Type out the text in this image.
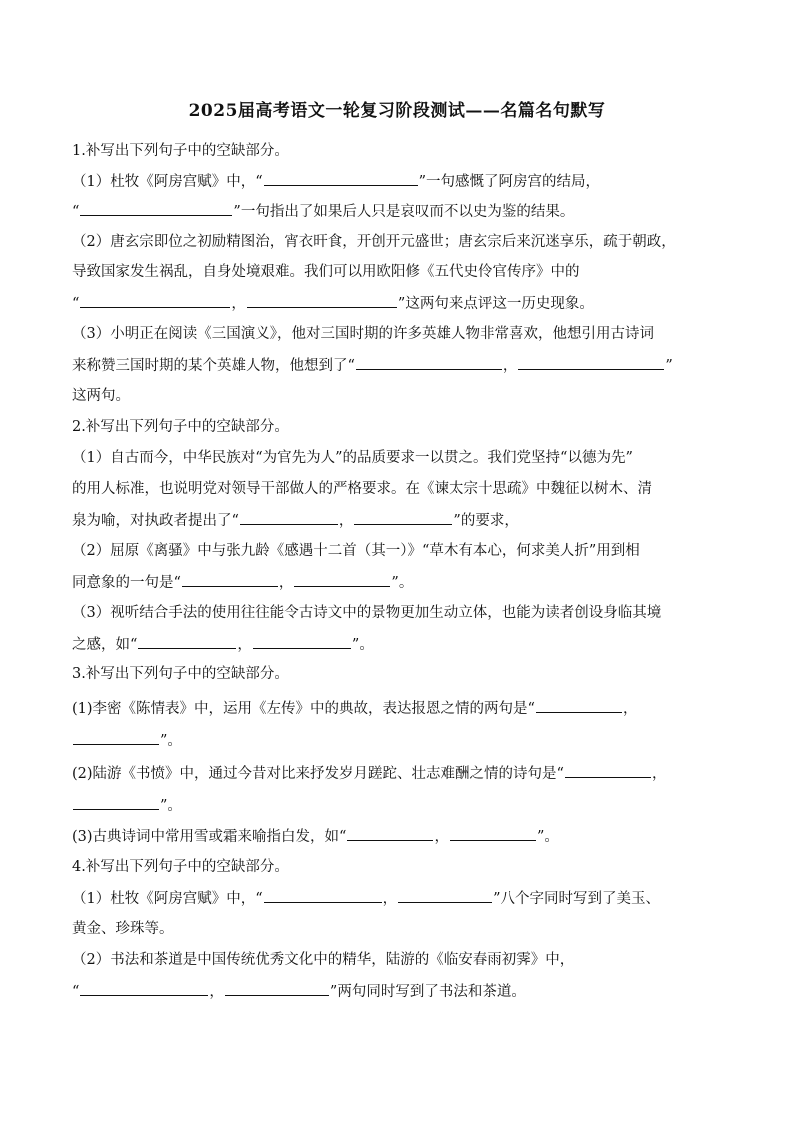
2025届高考语文一轮复习阶段测试——名篇名句默写
1.补写出下列句子中的空缺部分。
（1）杜牧《阿房宫赋》中，“	”一句感慨了阿房宫的结局，
“	”一句指出了如果后人只是哀叹而不以史为鉴的结果。
（2）唐玄宗即位之初励精图治，宵衣旰食，开创开元盛世；唐玄宗后来沉迷享乐，疏于朝政，
导致国家发生祸乱，自身处境艰难。我们可以用欧阳修《五代史伶官传序》中的
“	，	”这两句来点评这一历史现象。
（3）小明正在阅读《三国演义》，他对三国时期的许多英雄人物非常喜欢，他想引用古诗词
来称赞三国时期的某个英雄人物，他想到了“	，	”
这两句。
2.补写出下列句子中的空缺部分。
（1）自古而今，中华民族对“为官先为人”的品质要求一以贯之。我们党坚持“以德为先”
的用人标准，也说明党对领导干部做人的严格要求。在《谏太宗十思疏》中魏征以树木、清
泉为喻，对执政者提出了“	，	”的要求，
（2）屈原《离骚》中与张九龄《感遇十二首（其一）》“草木有本心，何求美人折”用到相
同意象的一句是“	，	”。
（3）视听结合手法的使用往往能令古诗文中的景物更加生动立体，也能为读者创设身临其境
之感，如“	，	”。
3.补写出下列句子中的空缺部分。
(1)李密《陈情表》中，运用《左传》中的典故，表达报恩之情的两句是“	，
”。
(2)陆游《书愤》中，通过今昔对比来抒发岁月蹉跎、壮志难酬之情的诗句是“	，
”。
(3)古典诗词中常用雪或霜来喻指白发，如“	，	”。
4.补写出下列句子中的空缺部分。
（1）杜牧《阿房宫赋》中，“	，	”八个字同时写到了美玉、
黄金、珍珠等。
（2）书法和茶道是中国传统优秀文化中的精华，陆游的《临安春雨初霁》中，
“	，	”两句同时写到了书法和茶道。
